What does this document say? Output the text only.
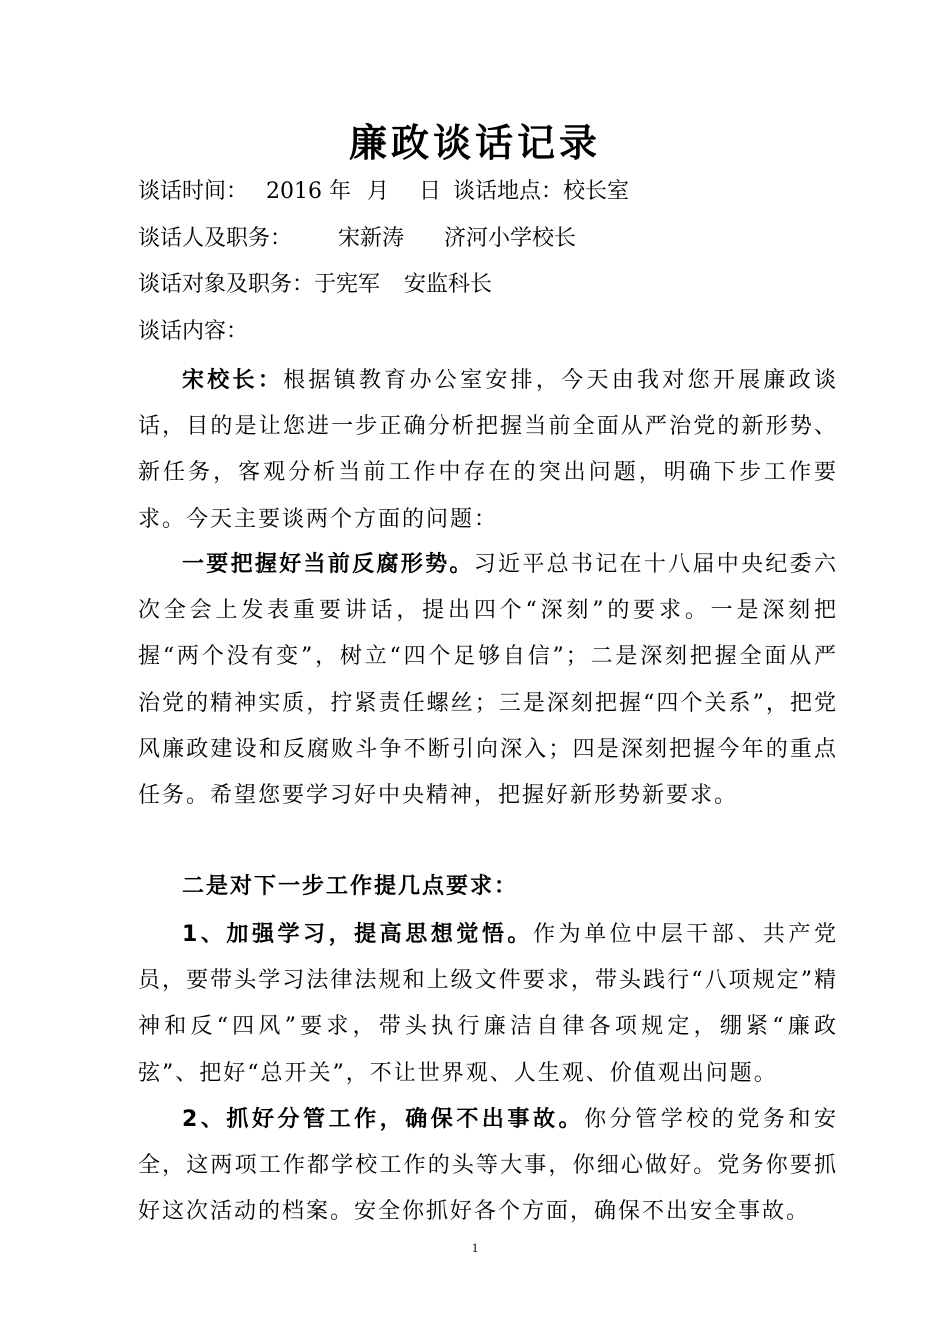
廉政谈话记录
谈话时间： 2016 年 月 日 谈话地点：校长室
谈话人及职务： 宋新涛 济河小学校长
谈话对象及职务：于宪军 安监科长
谈话内容：
宋校长：根据镇教育办公室安排，今天由我对您开展廉政谈话，目的是让您进一步正确分析把握当前全面从严治党的新形势、新任务，客观分析当前工作中存在的突出问题，明确下步工作要求。今天主要谈两个方面的问题：
一要把握好当前反腐形势。习近平总书记在十八届中央纪委六次全会上发表重要讲话，提出四个“深刻”的要求。一是深刻把握“两个没有变”，树立“四个足够自信”；二是深刻把握全面从严治党的精神实质，拧紧责任螺丝；三是深刻把握“四个关系”，把党风廉政建设和反腐败斗争不断引向深入；四是深刻把握今年的重点任务。希望您要学习好中央精神，把握好新形势新要求。
二是对下一步工作提几点要求：
1、加强学习，提高思想觉悟。作为单位中层干部、共产党员，要带头学习法律法规和上级文件要求，带头践行“八项规定”精神和反“四风”要求，带头执行廉洁自律各项规定，绷紧“廉政弦”、把好“总开关”，不让世界观、人生观、价值观出问题。
2、抓好分管工作，确保不出事故。你分管学校的党务和安全，这两项工作都学校工作的头等大事，你细心做好。党务你要抓好这次活动的档案。安全你抓好各个方面，确保不出安全事故。
1
